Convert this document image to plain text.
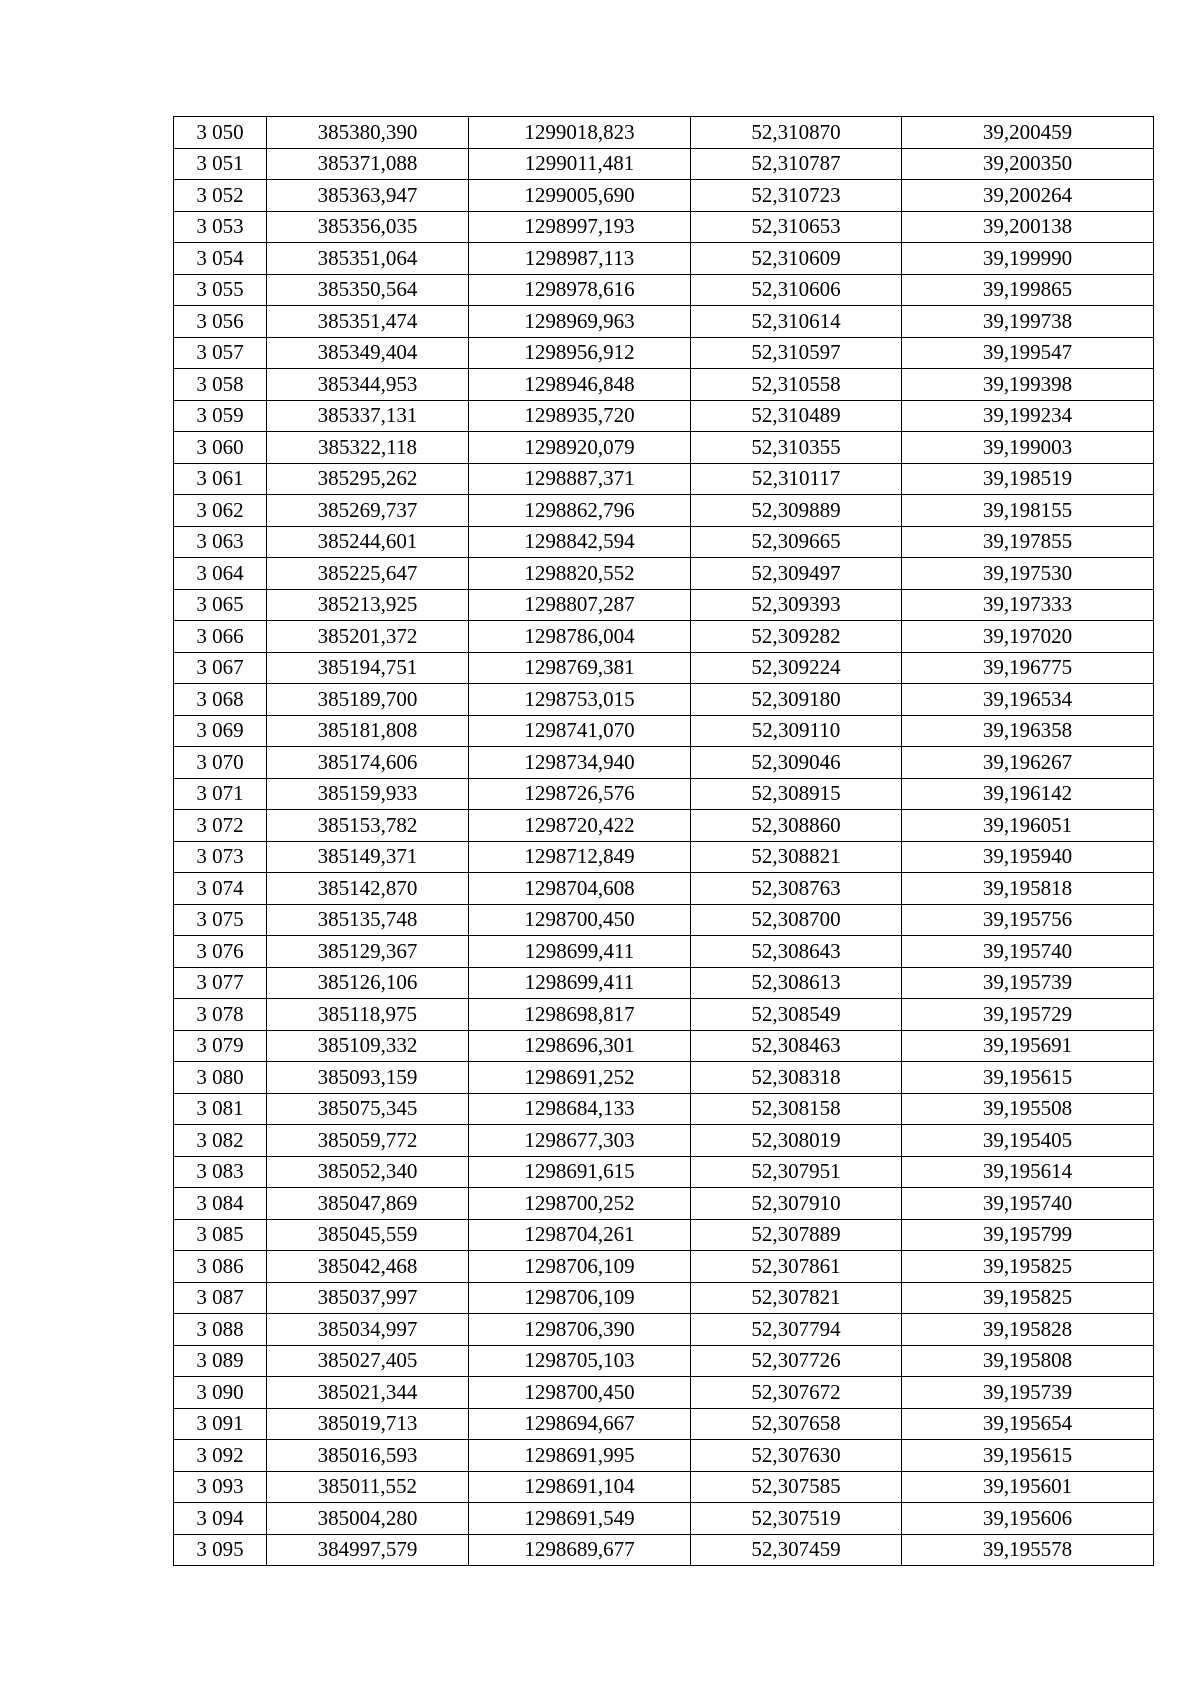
3 050	385380,390	1299018,823	52,310870	39,200459
3 051	385371,088	1299011,481	52,310787	39,200350
3 052	385363,947	1299005,690	52,310723	39,200264
3 053	385356,035	1298997,193	52,310653	39,200138
3 054	385351,064	1298987,113	52,310609	39,199990
3 055	385350,564	1298978,616	52,310606	39,199865
3 056	385351,474	1298969,963	52,310614	39,199738
3 057	385349,404	1298956,912	52,310597	39,199547
3 058	385344,953	1298946,848	52,310558	39,199398
3 059	385337,131	1298935,720	52,310489	39,199234
3 060	385322,118	1298920,079	52,310355	39,199003
3 061	385295,262	1298887,371	52,310117	39,198519
3 062	385269,737	1298862,796	52,309889	39,198155
3 063	385244,601	1298842,594	52,309665	39,197855
3 064	385225,647	1298820,552	52,309497	39,197530
3 065	385213,925	1298807,287	52,309393	39,197333
3 066	385201,372	1298786,004	52,309282	39,197020
3 067	385194,751	1298769,381	52,309224	39,196775
3 068	385189,700	1298753,015	52,309180	39,196534
3 069	385181,808	1298741,070	52,309110	39,196358
3 070	385174,606	1298734,940	52,309046	39,196267
3 071	385159,933	1298726,576	52,308915	39,196142
3 072	385153,782	1298720,422	52,308860	39,196051
3 073	385149,371	1298712,849	52,308821	39,195940
3 074	385142,870	1298704,608	52,308763	39,195818
3 075	385135,748	1298700,450	52,308700	39,195756
3 076	385129,367	1298699,411	52,308643	39,195740
3 077	385126,106	1298699,411	52,308613	39,195739
3 078	385118,975	1298698,817	52,308549	39,195729
3 079	385109,332	1298696,301	52,308463	39,195691
3 080	385093,159	1298691,252	52,308318	39,195615
3 081	385075,345	1298684,133	52,308158	39,195508
3 082	385059,772	1298677,303	52,308019	39,195405
3 083	385052,340	1298691,615	52,307951	39,195614
3 084	385047,869	1298700,252	52,307910	39,195740
3 085	385045,559	1298704,261	52,307889	39,195799
3 086	385042,468	1298706,109	52,307861	39,195825
3 087	385037,997	1298706,109	52,307821	39,195825
3 088	385034,997	1298706,390	52,307794	39,195828
3 089	385027,405	1298705,103	52,307726	39,195808
3 090	385021,344	1298700,450	52,307672	39,195739
3 091	385019,713	1298694,667	52,307658	39,195654
3 092	385016,593	1298691,995	52,307630	39,195615
3 093	385011,552	1298691,104	52,307585	39,195601
3 094	385004,280	1298691,549	52,307519	39,195606
3 095	384997,579	1298689,677	52,307459	39,195578
